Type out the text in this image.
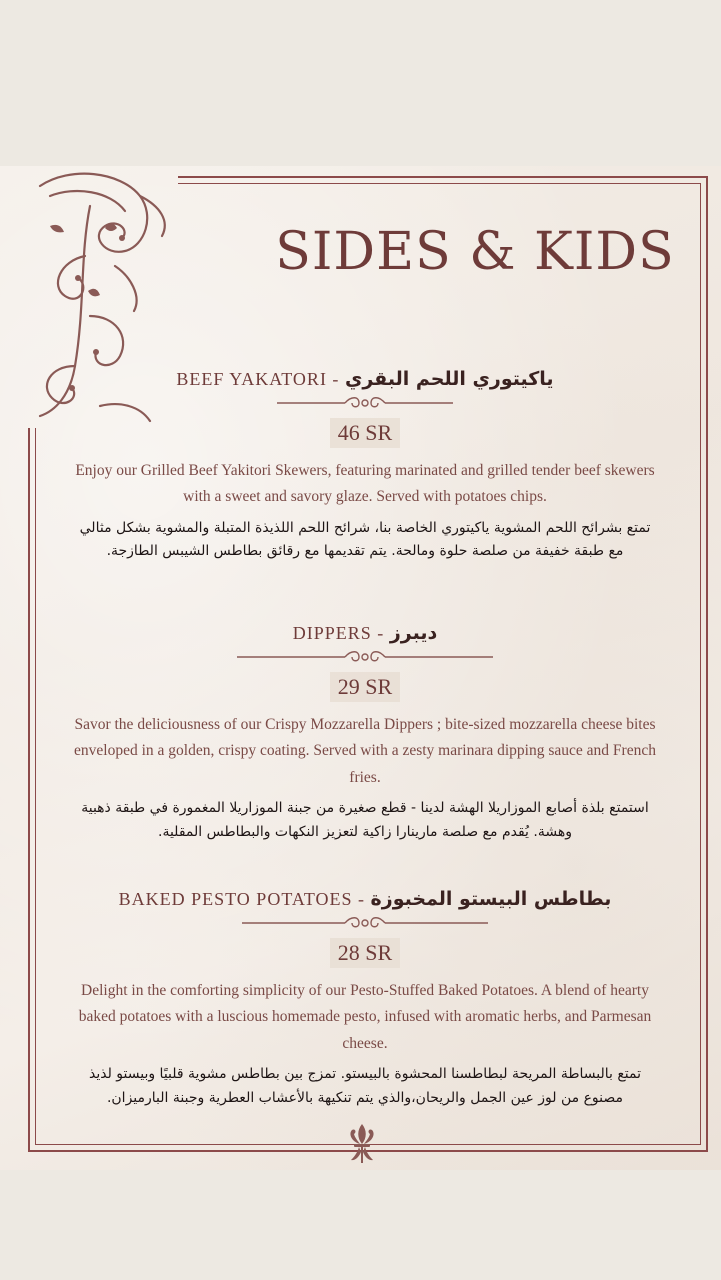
SIDES & KIDS
BEEF YAKATORI - ياكيتوري اللحم البقري
46 SR

Enjoy our Grilled Beef Yakitori Skewers, featuring marinated and grilled tender beef skewers with a sweet and savory glaze. Served with potatoes chips.

تمتع بشرائح اللحم المشوية ياكيتوري الخاصة بنا، شرائح اللحم اللذيذة المتبلة والمشوية بشكل مثالي مع طبقة خفيفة من صلصة حلوة ومالحة. يتم تقديمها مع رقائق بطاطس الشيبس الطازجة.

DIPPERS - ديبرز
29 SR

Savor the deliciousness of our Crispy Mozzarella Dippers ; bite-sized mozzarella cheese bites enveloped in a golden, crispy coating. Served with a zesty marinara dipping sauce and French fries.

استمتع بلذة أصابع الموزاريلا الهشة لدينا - قطع صغيرة من جبنة الموزاريلا المغمورة في طبقة ذهبية وهشة. يُقدم مع صلصة مارينارا زاكية لتعزيز النكهات والبطاطس المقلية.

BAKED PESTO POTATOES - بطاطس البيستو المخبوزة
28 SR

Delight in the comforting simplicity of our Pesto-Stuffed Baked Potatoes. A blend of hearty baked potatoes with a luscious homemade pesto, infused with aromatic herbs, and Parmesan cheese.

تمتع بالبساطة المريحة لبطاطسنا المحشوة بالبيستو. تمزج بين بطاطس مشوية قلبيًا وبيستو لذيذ مصنوع من لوز عين الجمل والريحان،والذي يتم تنكيهة بالأعشاب العطرية وجبنة البارميزان.
